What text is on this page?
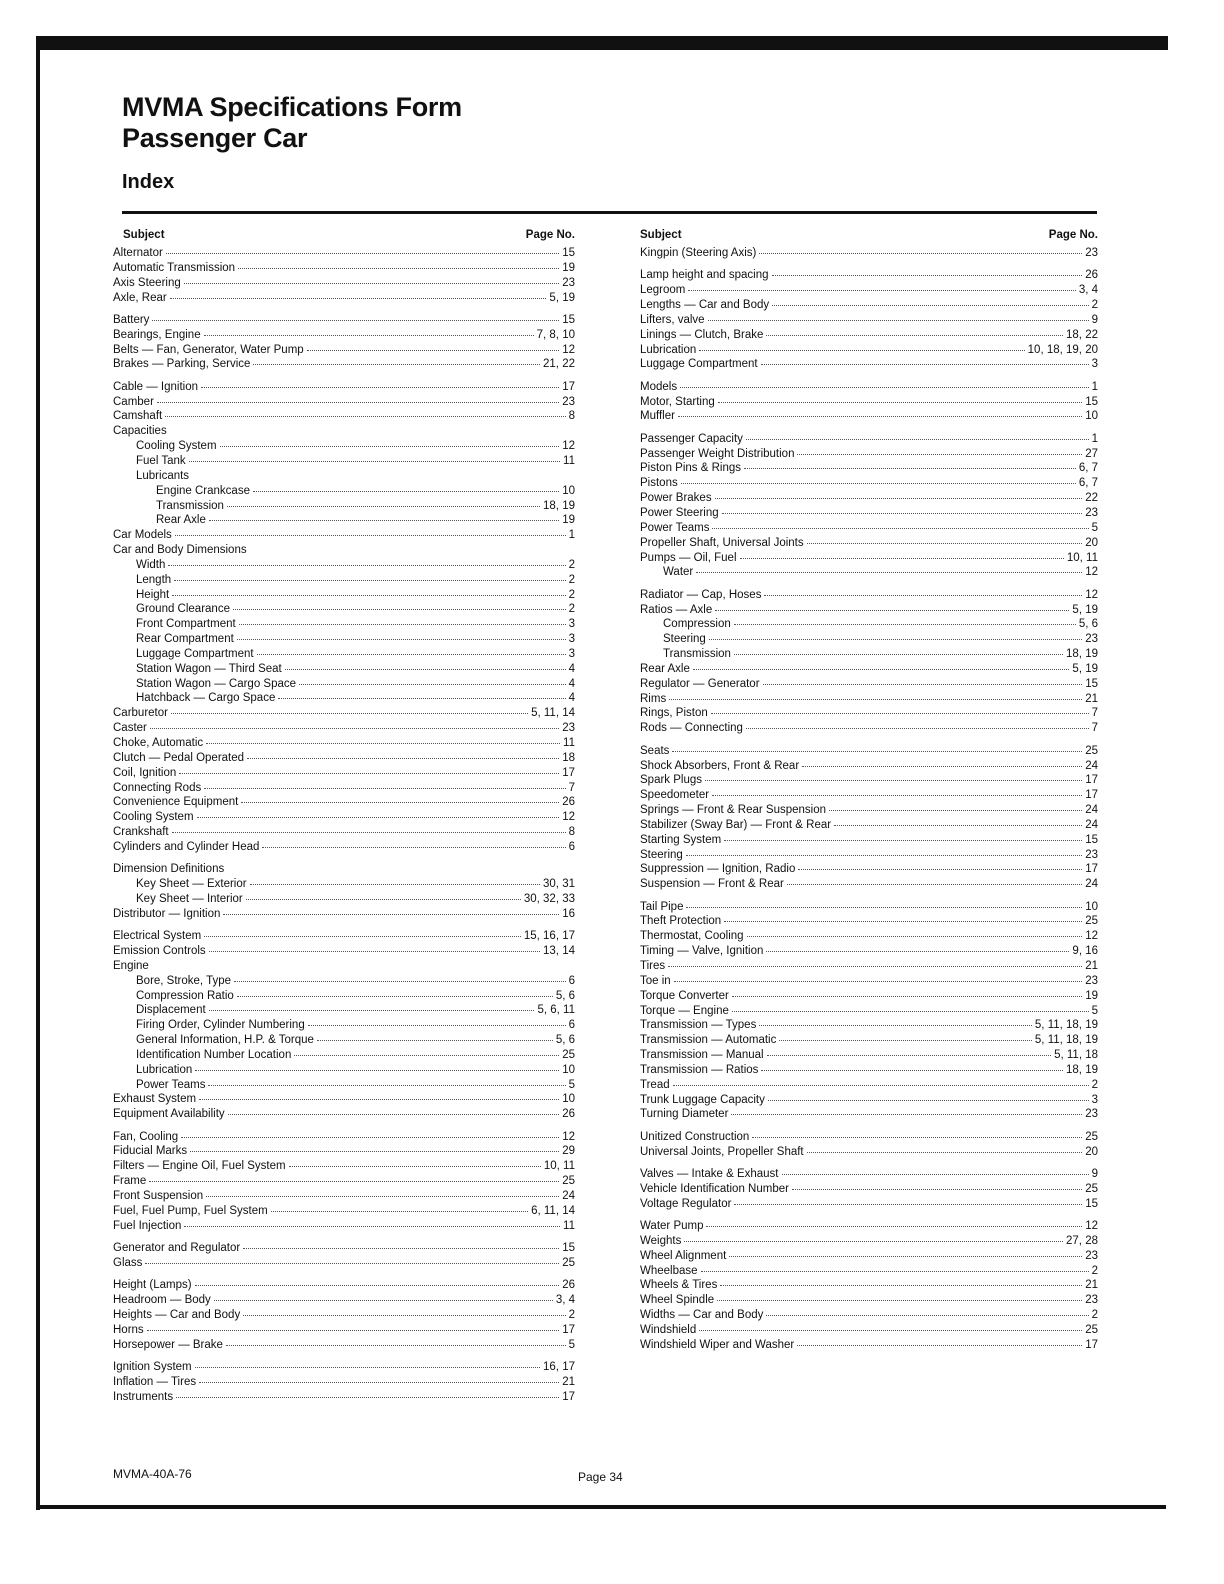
MVMA Specifications Form
Passenger Car
Index
Subject	Page No.
Alternator	15
Automatic Transmission	19
Axis Steering	23
Axle, Rear	5, 19
Battery	15
Bearings, Engine	7, 8, 10
Belts — Fan, Generator, Water Pump	12
Brakes — Parking, Service	21, 22
Cable — Ignition	17
Camber	23
Camshaft	8
Capacities
Cooling System	12
Fuel Tank	11
Lubricants
Engine Crankcase	10
Transmission	18, 19
Rear Axle	19
Car Models	1
Car and Body Dimensions
Width	2
Length	2
Height	2
Ground Clearance	2
Front Compartment	3
Rear Compartment	3
Luggage Compartment	3
Station Wagon — Third Seat	4
Station Wagon — Cargo Space	4
Hatchback — Cargo Space	4
Carburetor	5, 11, 14
Caster	23
Choke, Automatic	11
Clutch — Pedal Operated	18
Coil, Ignition	17
Connecting Rods	7
Convenience Equipment	26
Cooling System	12
Crankshaft	8
Cylinders and Cylinder Head	6
Dimension Definitions
Key Sheet — Exterior	30, 31
Key Sheet — Interior	30, 32, 33
Distributor — Ignition	16
Electrical System	15, 16, 17
Emission Controls	13, 14
Engine
Bore, Stroke, Type	6
Compression Ratio	5, 6
Displacement	5, 6, 11
Firing Order, Cylinder Numbering	6
General Information, H.P. & Torque	5, 6
Identification Number Location	25
Lubrication	10
Power Teams	5
Exhaust System	10
Equipment Availability	26
Fan, Cooling	12
Fiducial Marks	29
Filters — Engine Oil, Fuel System	10, 11
Frame	25
Front Suspension	24
Fuel, Fuel Pump, Fuel System	6, 11, 14
Fuel Injection	11
Generator and Regulator	15
Glass	25
Height (Lamps)	26
Headroom — Body	3, 4
Heights — Car and Body	2
Horns	17
Horsepower — Brake	5
Ignition System	16, 17
Inflation — Tires	21
Instruments	17
Subject	Page No.
Kingpin (Steering Axis)	23
Lamp height and spacing	26
Legroom	3, 4
Lengths — Car and Body	2
Lifters, valve	9
Linings — Clutch, Brake	18, 22
Lubrication	10, 18, 19, 20
Luggage Compartment	3
Models	1
Motor, Starting	15
Muffler	10
Passenger Capacity	1
Passenger Weight Distribution	27
Piston Pins & Rings	6, 7
Pistons	6, 7
Power Brakes	22
Power Steering	23
Power Teams	5
Propeller Shaft, Universal Joints	20
Pumps — Oil, Fuel	10, 11
Water	12
Radiator — Cap, Hoses	12
Ratios — Axle	5, 19
Compression	5, 6
Steering	23
Transmission	18, 19
Rear Axle	5, 19
Regulator — Generator	15
Rims	21
Rings, Piston	7
Rods — Connecting	7
Seats	25
Shock Absorbers, Front & Rear	24
Spark Plugs	17
Speedometer	17
Springs — Front & Rear Suspension	24
Stabilizer (Sway Bar) — Front & Rear	24
Starting System	15
Steering	23
Suppression — Ignition, Radio	17
Suspension — Front & Rear	24
Tail Pipe	10
Theft Protection	25
Thermostat, Cooling	12
Timing — Valve, Ignition	9, 16
Tires	21
Toe in	23
Torque Converter	19
Torque — Engine	5
Transmission — Types	5, 11, 18, 19
Transmission — Automatic	5, 11, 18, 19
Transmission — Manual	5, 11, 18
Transmission — Ratios	18, 19
Tread	2
Trunk Luggage Capacity	3
Turning Diameter	23
Unitized Construction	25
Universal Joints, Propeller Shaft	20
Valves — Intake & Exhaust	9
Vehicle Identification Number	25
Voltage Regulator	15
Water Pump	12
Weights	27, 28
Wheel Alignment	23
Wheelbase	2
Wheels & Tires	21
Wheel Spindle	23
Widths — Car and Body	2
Windshield	25
Windshield Wiper and Washer	17
MVMA-40A-76	Page 34
